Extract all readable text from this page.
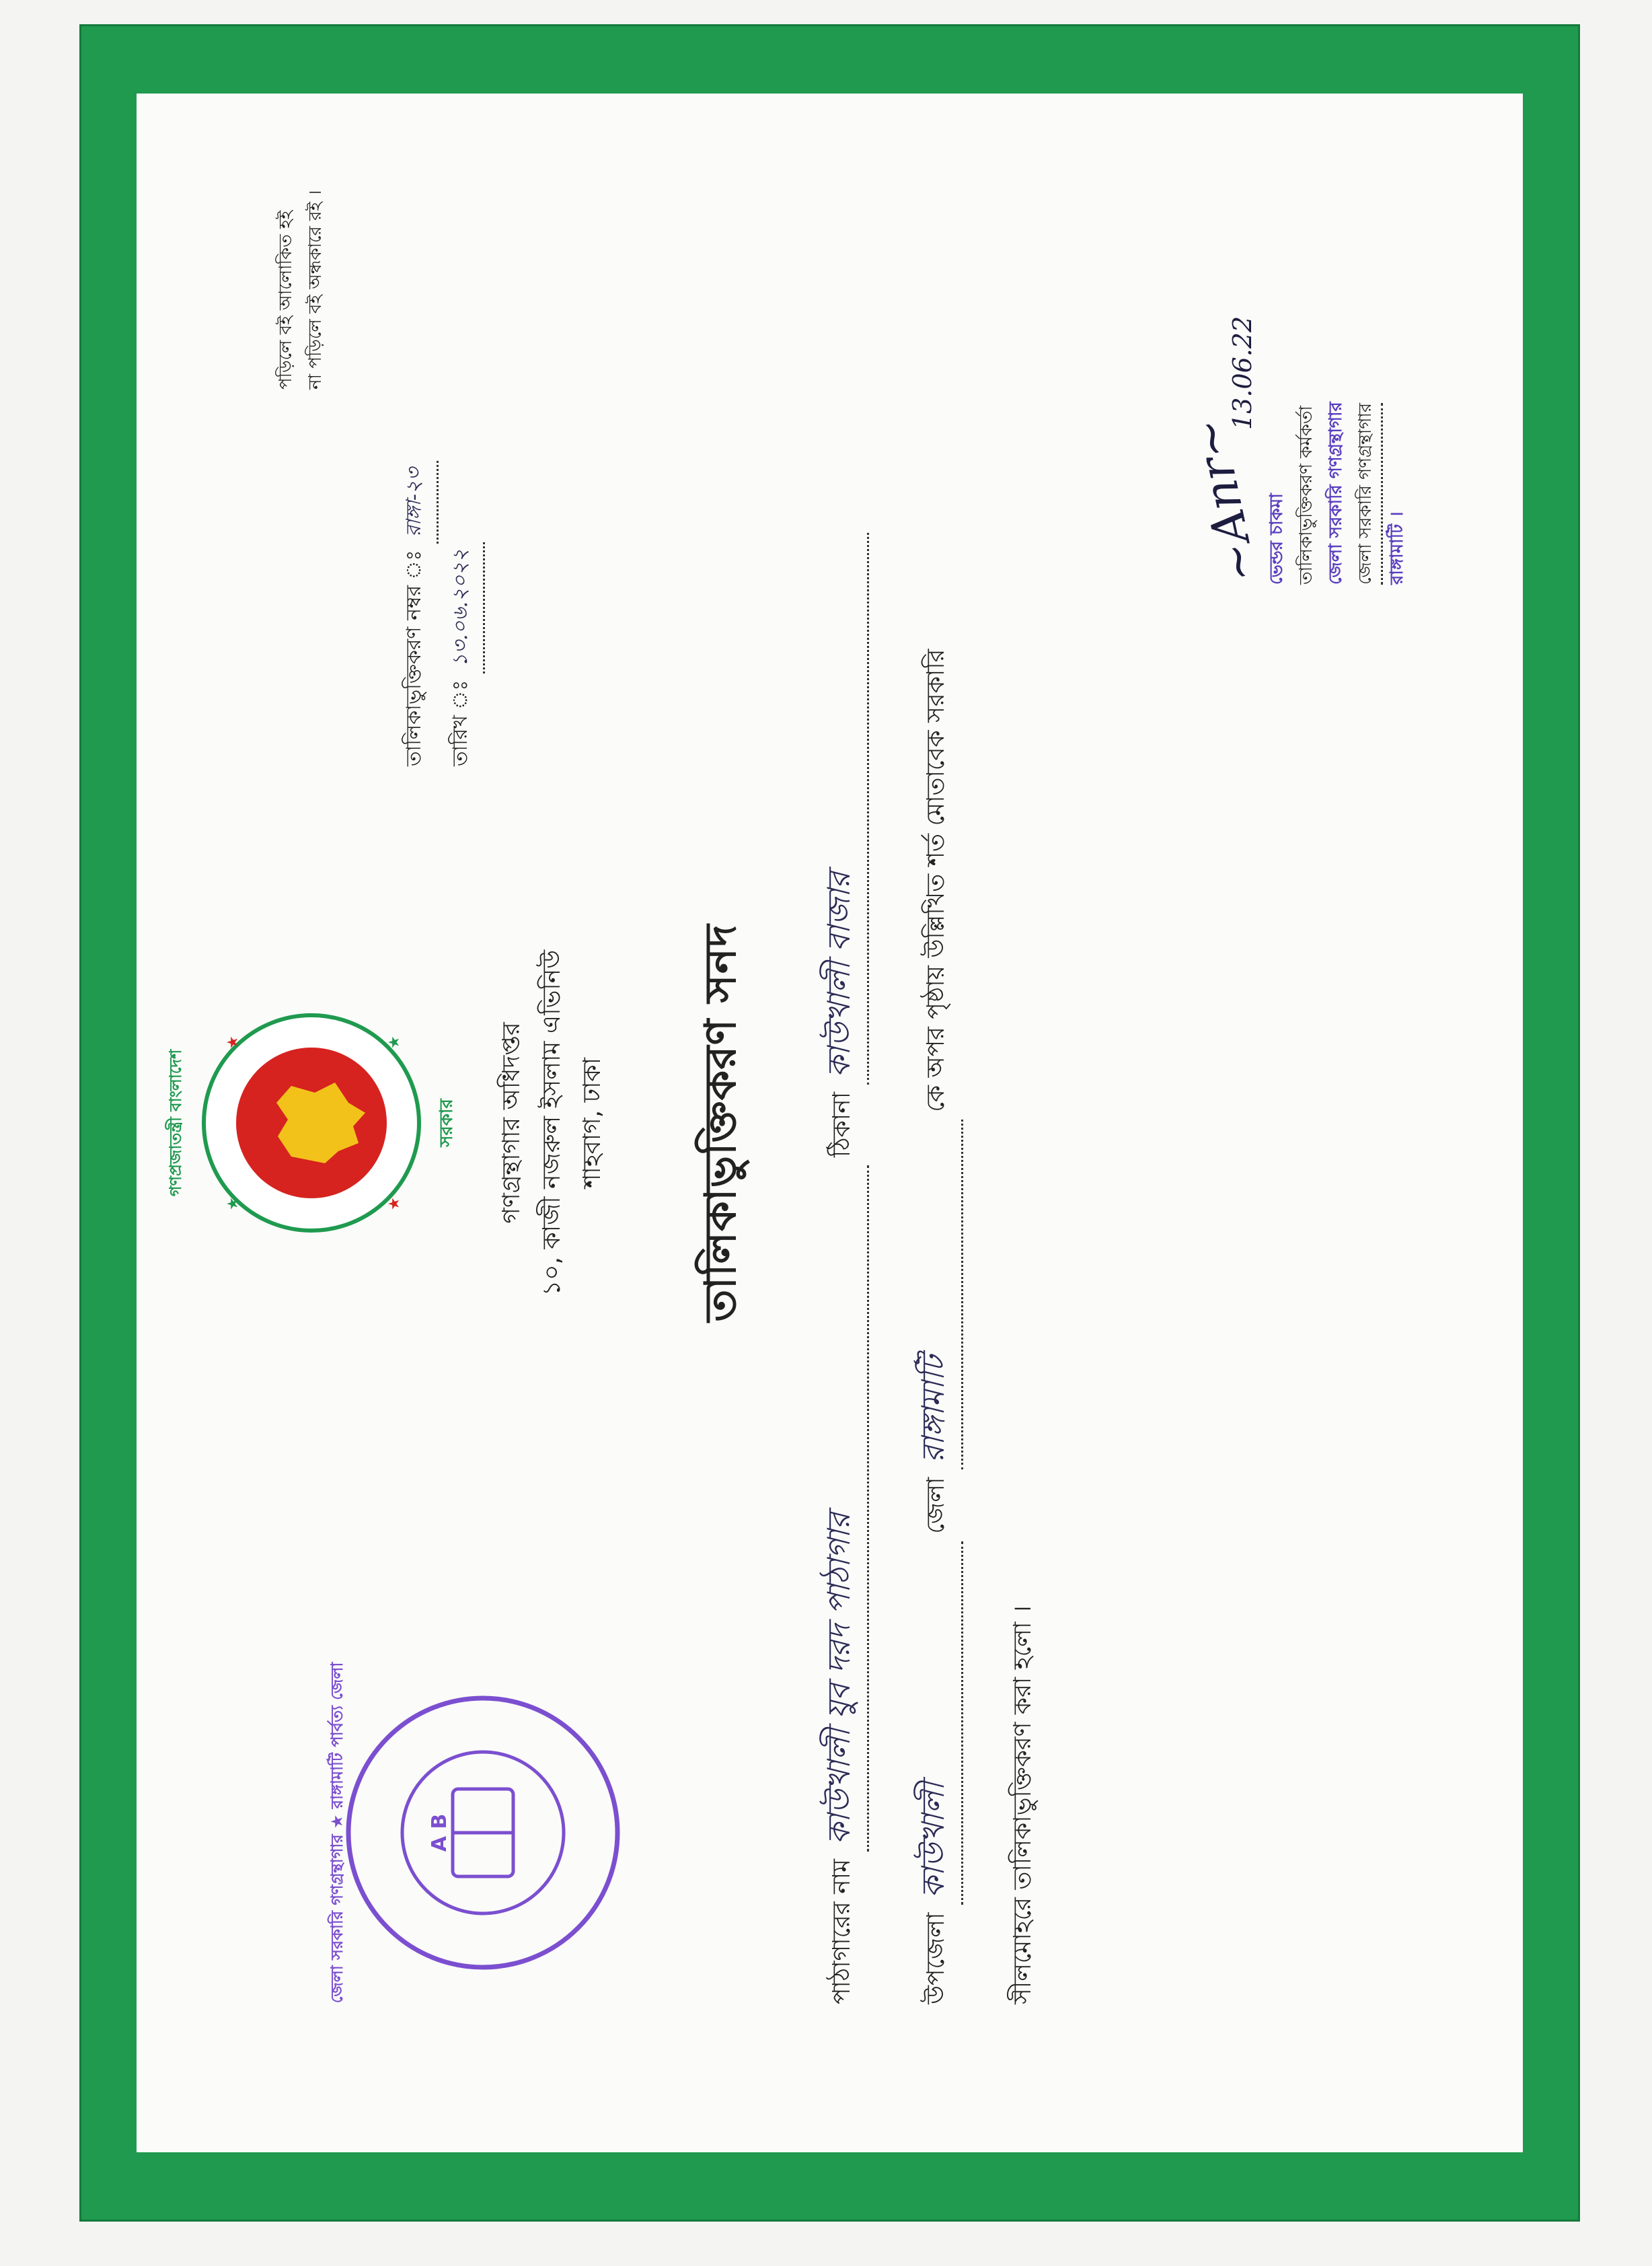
পড়িলে বই আলোকিত হই না পড়িলে বই অন্ধকারে রই ।
তালিকাভুক্তিকরণ নম্বর ঃ রাঙ্গা-২৩
তারিখ ঃ ১৩.০৬.২০২২
★
★
★
★
গণপ্রজাতন্ত্রী বাংলাদেশ	সরকার গণগ্রন্থাগার অধিদপ্তর ১০, কাজী নজরুল ইসলাম এভিনিউ শাহবাগ, ঢাকা তালিকাভুক্তিকরণ সনদ
পাঠাগারের নাম কাউখালী যুব দরদ পাঠাগার ঠিকানা কাউখালী বাজার
উপজেলা কাউখালী জেলা রাঙ্গামাটি কে অপর পৃষ্ঠায় উল্লিখিত শর্ত মোতাবেক সরকারি
সীলমোহরে তালিকাভুক্তিকরণ করা হলো ।
A B
জেলা সরকারি গণগ্রন্থাগার ★ রাঙ্গামাটি পার্বত্য জেলা
~Anr~
13.06.22
ভেন্ডর চাকমা তালিকাভুক্তিকরণ কর্মকর্তা জেলা সরকারি গণগ্রন্থাগার জেলা সরকারি গণগ্রন্থাগার রাঙ্গামাটি ।
